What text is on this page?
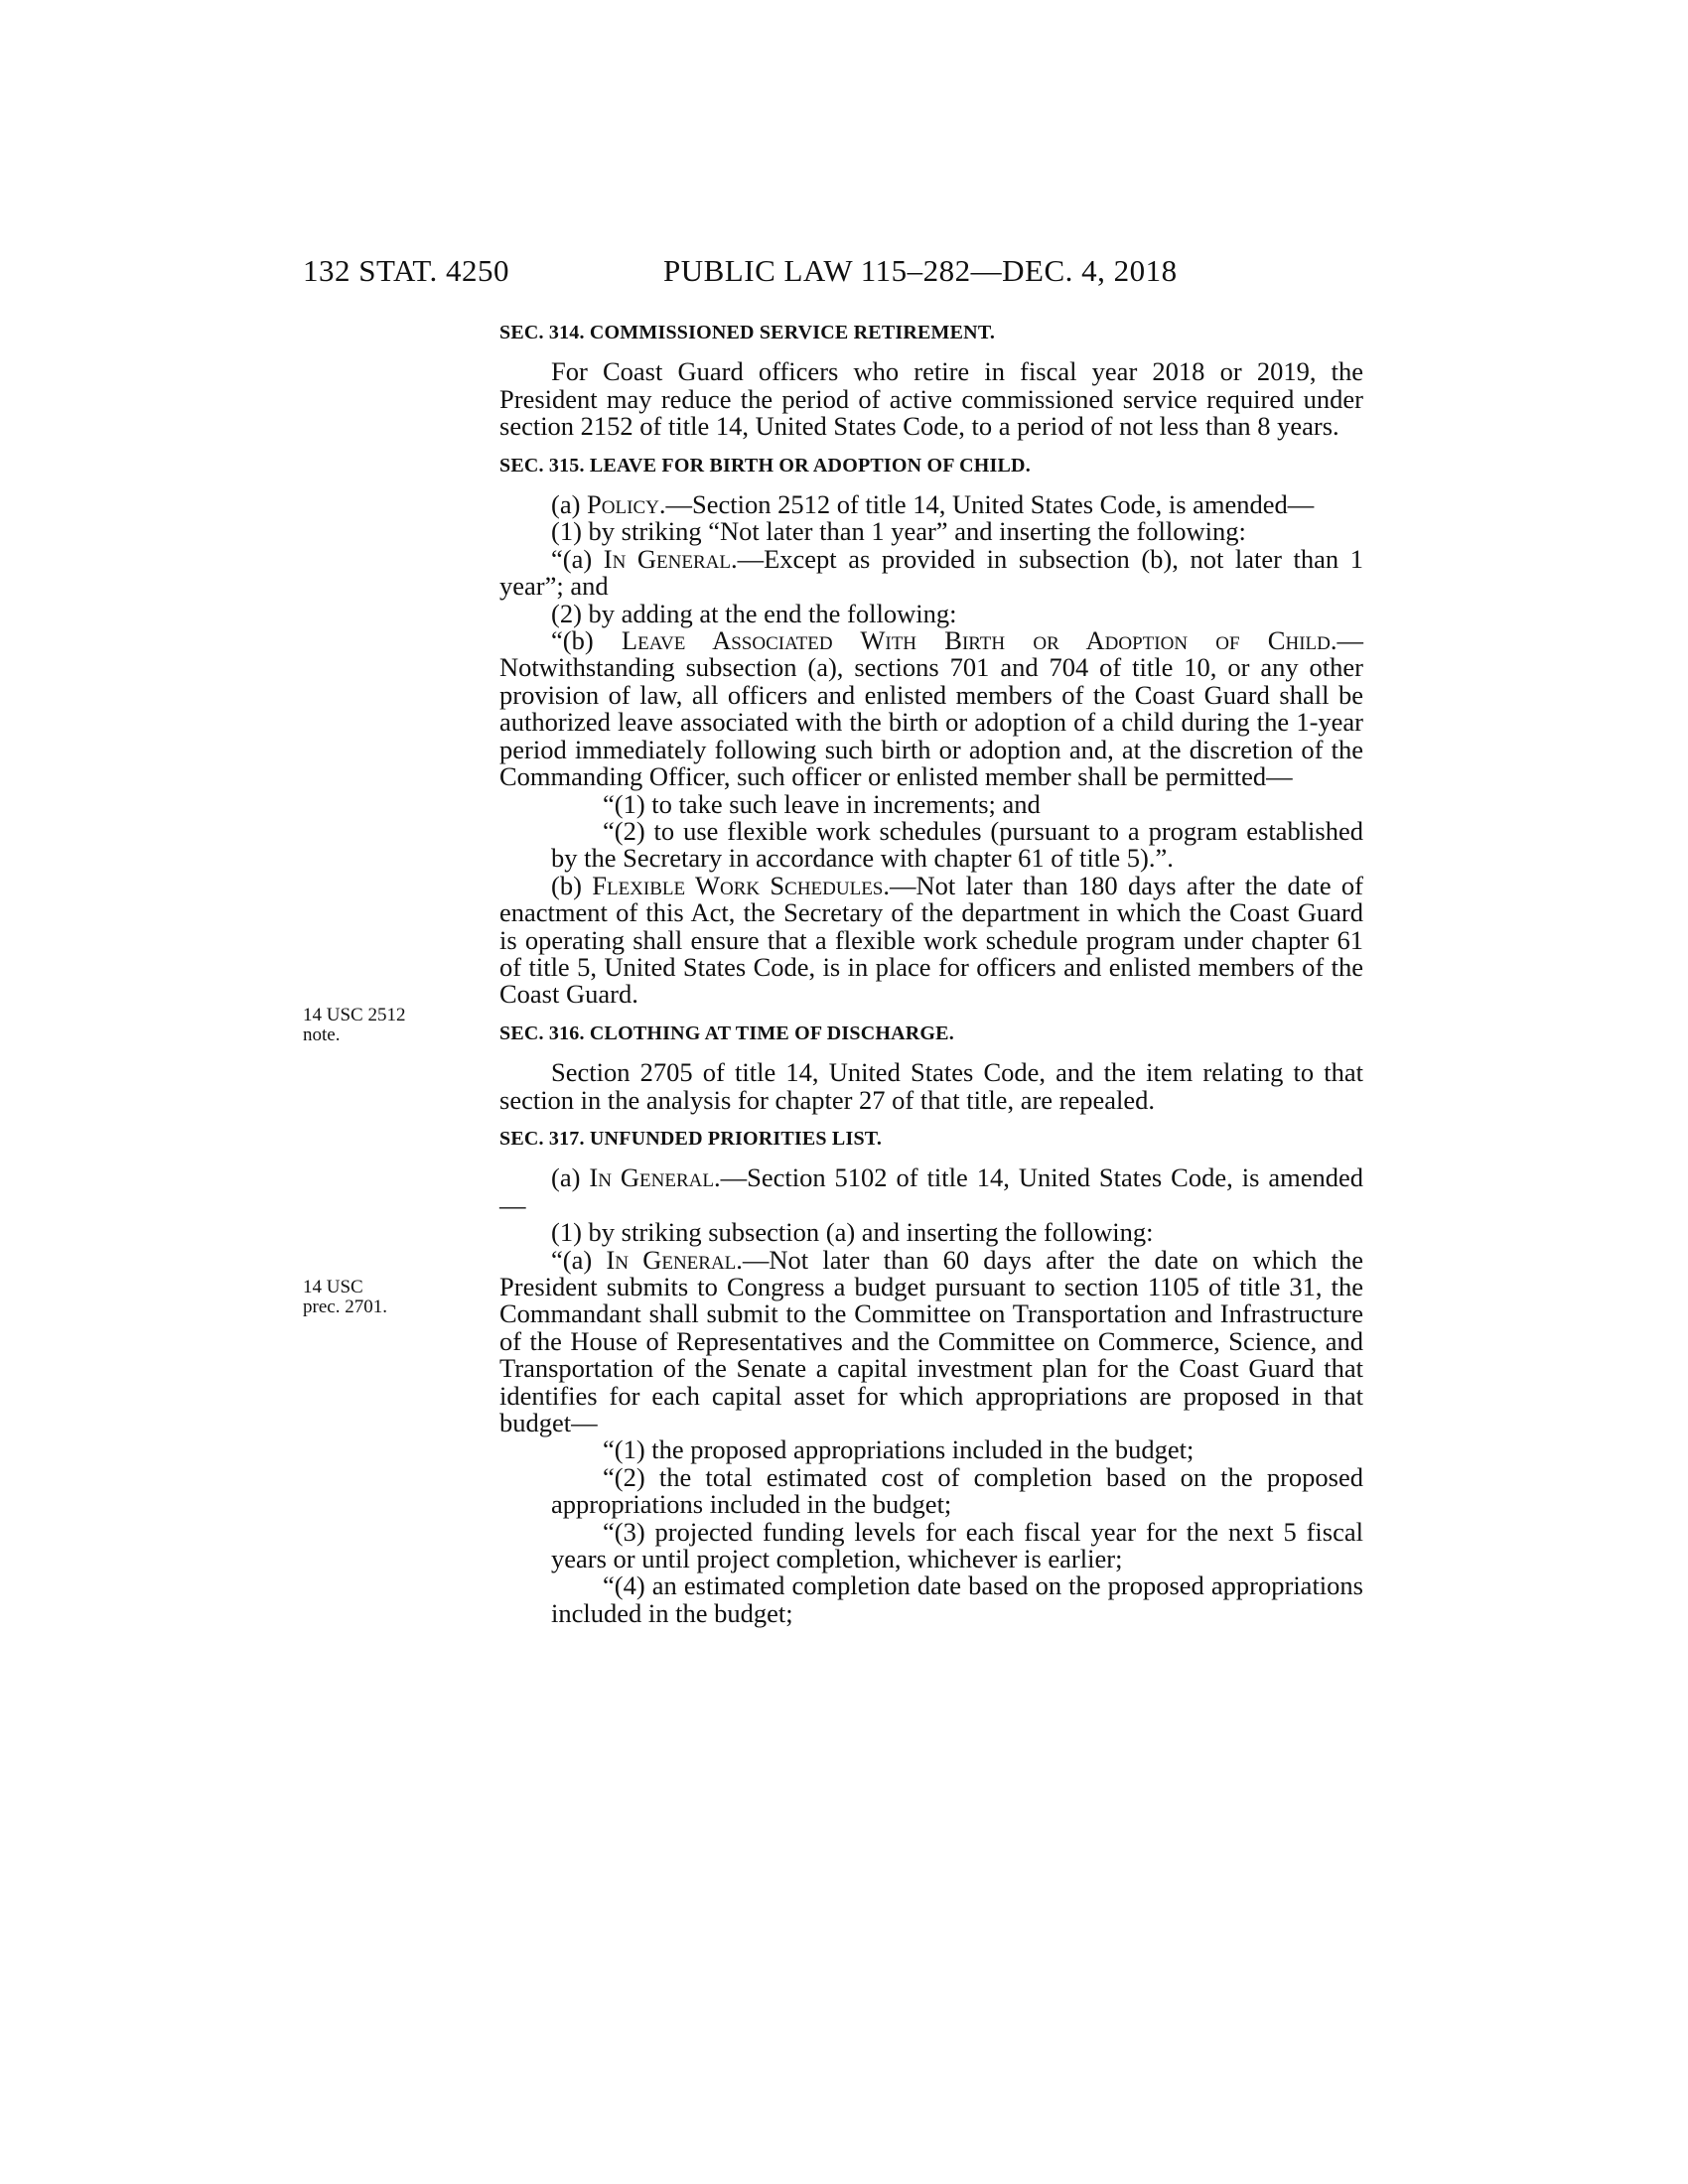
132 STAT. 4250	PUBLIC LAW 115–282—DEC. 4, 2018
14 USC 2512
note.
14 USC
prec. 2701.

SEC. 314. COMMISSIONED SERVICE RETIREMENT.

For Coast Guard officers who retire in fiscal year 2018 or 2019, the President may reduce the period of active commissioned service required under section 2152 of title 14, United States Code, to a period of not less than 8 years.

SEC. 315. LEAVE FOR BIRTH OR ADOPTION OF CHILD.

(a) Policy.—Section 2512 of title 14, United States Code, is amended—

(1) by striking “Not later than 1 year” and inserting the following:

“(a) In General.—Except as provided in subsection (b), not later than 1 year”; and

(2) by adding at the end the following:

“(b) Leave Associated With Birth or Adoption of Child.— Notwithstanding subsection (a), sections 701 and 704 of title 10, or any other provision of law, all officers and enlisted members of the Coast Guard shall be authorized leave associated with the birth or adoption of a child during the 1-year period immediately following such birth or adoption and, at the discretion of the Commanding Officer, such officer or enlisted member shall be permitted—

“(1) to take such leave in increments; and

“(2) to use flexible work schedules (pursuant to a program established by the Secretary in accordance with chapter 61 of title 5).”.

(b) Flexible Work Schedules.—Not later than 180 days after the date of enactment of this Act, the Secretary of the department in which the Coast Guard is operating shall ensure that a flexible work schedule program under chapter 61 of title 5, United States Code, is in place for officers and enlisted members of the Coast Guard.

SEC. 316. CLOTHING AT TIME OF DISCHARGE.

Section 2705 of title 14, United States Code, and the item relating to that section in the analysis for chapter 27 of that title, are repealed.

SEC. 317. UNFUNDED PRIORITIES LIST.

(a) In General.—Section 5102 of title 14, United States Code, is amended—

(1) by striking subsection (a) and inserting the following:

“(a) In General.—Not later than 60 days after the date on which the President submits to Congress a budget pursuant to section 1105 of title 31, the Commandant shall submit to the Committee on Transportation and Infrastructure of the House of Representatives and the Committee on Commerce, Science, and Transportation of the Senate a capital investment plan for the Coast Guard that identifies for each capital asset for which appropriations are proposed in that budget—

“(1) the proposed appropriations included in the budget;

“(2) the total estimated cost of completion based on the proposed appropriations included in the budget;

“(3) projected funding levels for each fiscal year for the next 5 fiscal years or until project completion, whichever is earlier;

“(4) an estimated completion date based on the proposed appropriations included in the budget;
